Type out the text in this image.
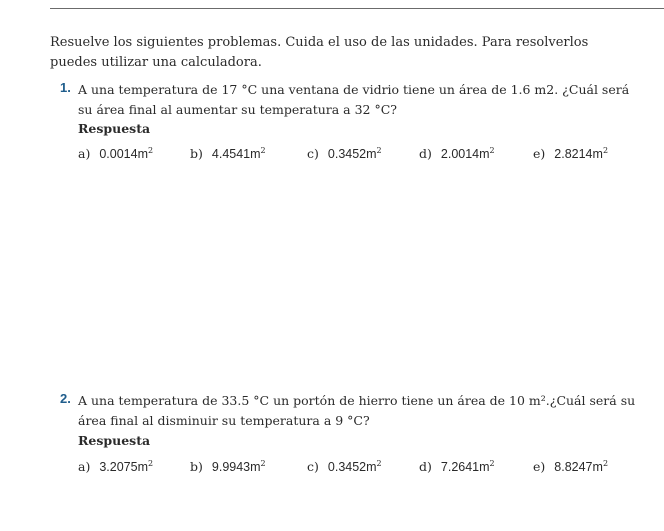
Resuelve los siguientes problemas. Cuida el uso de las unidades. Para resolverlos puedes utilizar una calculadora.
1. A una temperatura de 17 °C una ventana de vidrio tiene un área de 1.6 m2. ¿Cuál será su área final al aumentar su temperatura a 32 °C?
Respuesta
a) $0.0014m^2$	b) $4.4541m^2$	c) $0.3452m^2$	d) $2.0014m^2$	e) $2.8214m^2$
2. A una temperatura de 33.5 °C un portón de hierro tiene un área de 10 m².¿Cuál será su área final al disminuir su temperatura a 9 °C?
Respuesta
a) $3.2075m^2$	b) $9.9943m^2$	c) $0.3452m^2$	d) $7.2641m^2$	e) $8.8247m^2$
